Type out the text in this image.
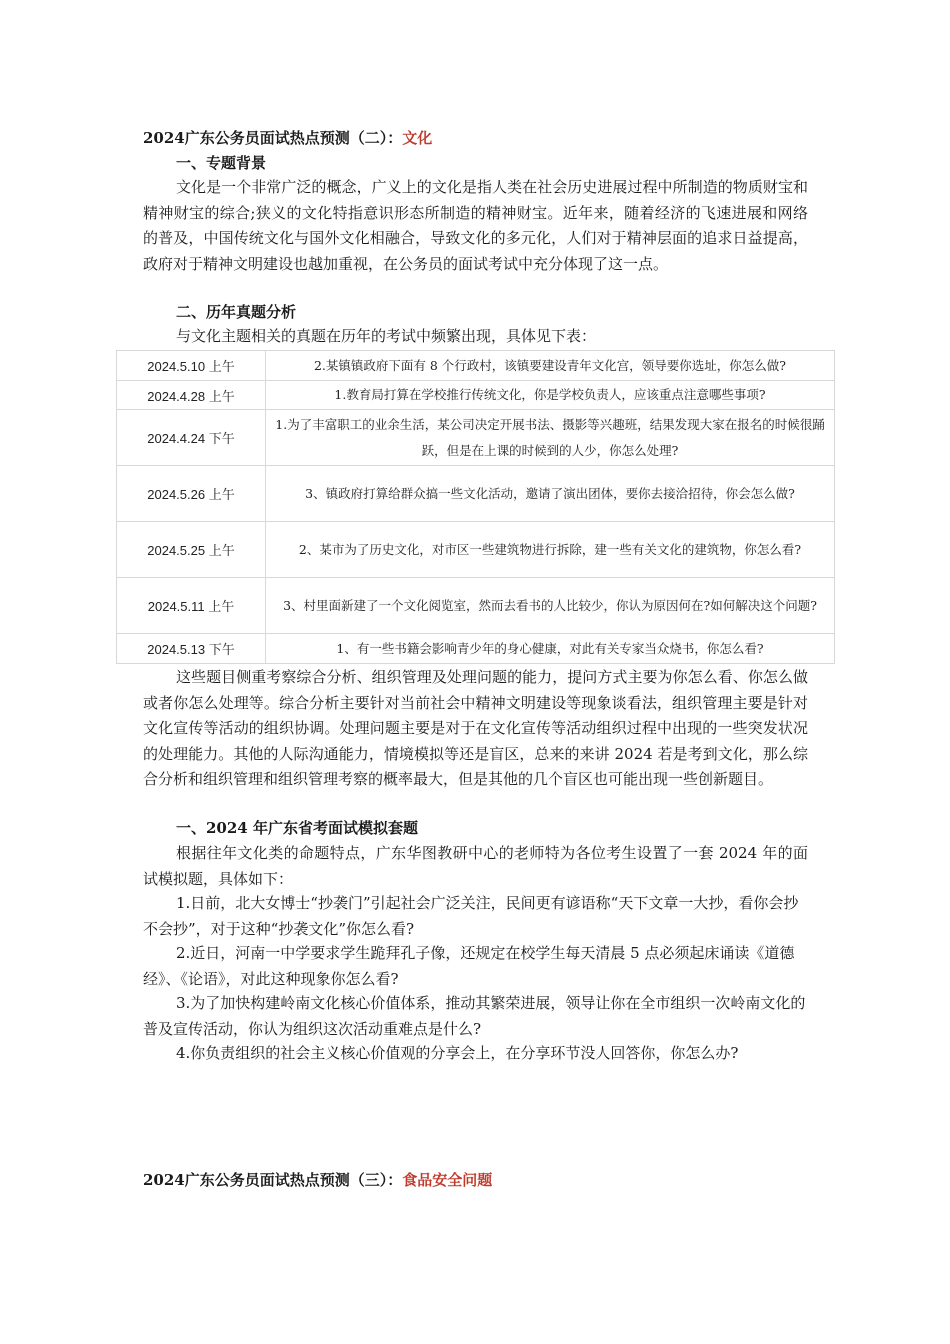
2024广东公务员面试热点预测（二）：文化
一、专题背景
文化是一个非常广泛的概念，广义上的文化是指人类在社会历史进展过程中所制造的物质财宝和精神财宝的综合;狭义的文化特指意识形态所制造的精神财宝。近年来，随着经济的飞速进展和网络的普及，中国传统文化与国外文化相融合，导致文化的多元化，人们对于精神层面的追求日益提高，政府对于精神文明建设也越加重视，在公务员的面试考试中充分体现了这一点。
二、历年真题分析
与文化主题相关的真题在历年的考试中频繁出现，具体见下表：
2024.5.10 上午	2.某镇镇政府下面有 8 个行政村，该镇要建设青年文化宫，领导要你选址，你怎么做?
2024.4.28 上午	1.教育局打算在学校推行传统文化，你是学校负责人，应该重点注意哪些事项?
2024.4.24 下午	1.为了丰富职工的业余生活，某公司决定开展书法、摄影等兴趣班，结果发现大家在报名的时候很踊跃，但是在上课的时候到的人少，你怎么处理?
2024.5.26 上午	3、镇政府打算给群众搞一些文化活动，邀请了演出团体，要你去接洽招待，你会怎么做?
2024.5.25 上午	2、某市为了历史文化，对市区一些建筑物进行拆除，建一些有关文化的建筑物，你怎么看?
2024.5.11 上午	3、村里面新建了一个文化阅览室，然而去看书的人比较少，你认为原因何在?如何解决这个问题?
2024.5.13 下午	1、有一些书籍会影响青少年的身心健康，对此有关专家当众烧书，你怎么看?
这些题目侧重考察综合分析、组织管理及处理问题的能力，提问方式主要为你怎么看、你怎么做或者你怎么处理等。综合分析主要针对当前社会中精神文明建设等现象谈看法，组织管理主要是针对文化宣传等活动的组织协调。处理问题主要是对于在文化宣传等活动组织过程中出现的一些突发状况的处理能力。其他的人际沟通能力，情境模拟等还是盲区，总来的来讲 2024 若是考到文化，那么综合分析和组织管理和组织管理考察的概率最大，但是其他的几个盲区也可能出现一些创新题目。
一、2024 年广东省考面试模拟套题
根据往年文化类的命题特点，广东华图教研中心的老师特为各位考生设置了一套 2024 年的面试模拟题，具体如下：
1.日前，北大女博士“抄袭门”引起社会广泛关注，民间更有谚语称“天下文章一大抄，看你会抄不会抄”，对于这种“抄袭文化”你怎么看?
2.近日，河南一中学要求学生跪拜孔子像，还规定在校学生每天清晨 5 点必须起床诵读《道德经》、《论语》，对此这种现象你怎么看?
3.为了加快构建岭南文化核心价值体系，推动其繁荣进展，领导让你在全市组织一次岭南文化的普及宣传活动，你认为组织这次活动重难点是什么?
4.你负责组织的社会主义核心价值观的分享会上，在分享环节没人回答你，你怎么办?
2024广东公务员面试热点预测（三）：食品安全问题
